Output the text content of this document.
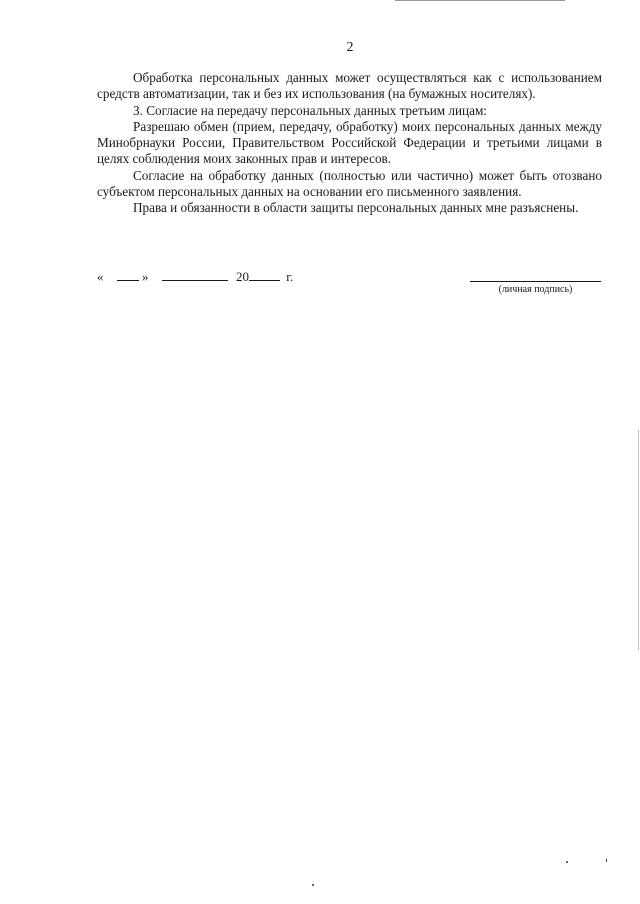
2

Обработка персональных данных может осуществляться как с использованием средств автоматизации, так и без их использования (на бумажных носителях).

3. Согласие на передачу персональных данных третьим лицам:

Разрешаю обмен (прием, передачу, обработку) моих персональных данных между Минобрнауки России, Правительством Российской Федерации и третьими лицами в целях соблюдения моих законных прав и интересов.

Согласие на обработку данных (полностью или частично) может быть отозвано субъектом персональных данных на основании его письменного заявления.

Права и обязанности в области защиты персональных данных мне разъяснены.

«	»	20	г.
(личная подпись)
